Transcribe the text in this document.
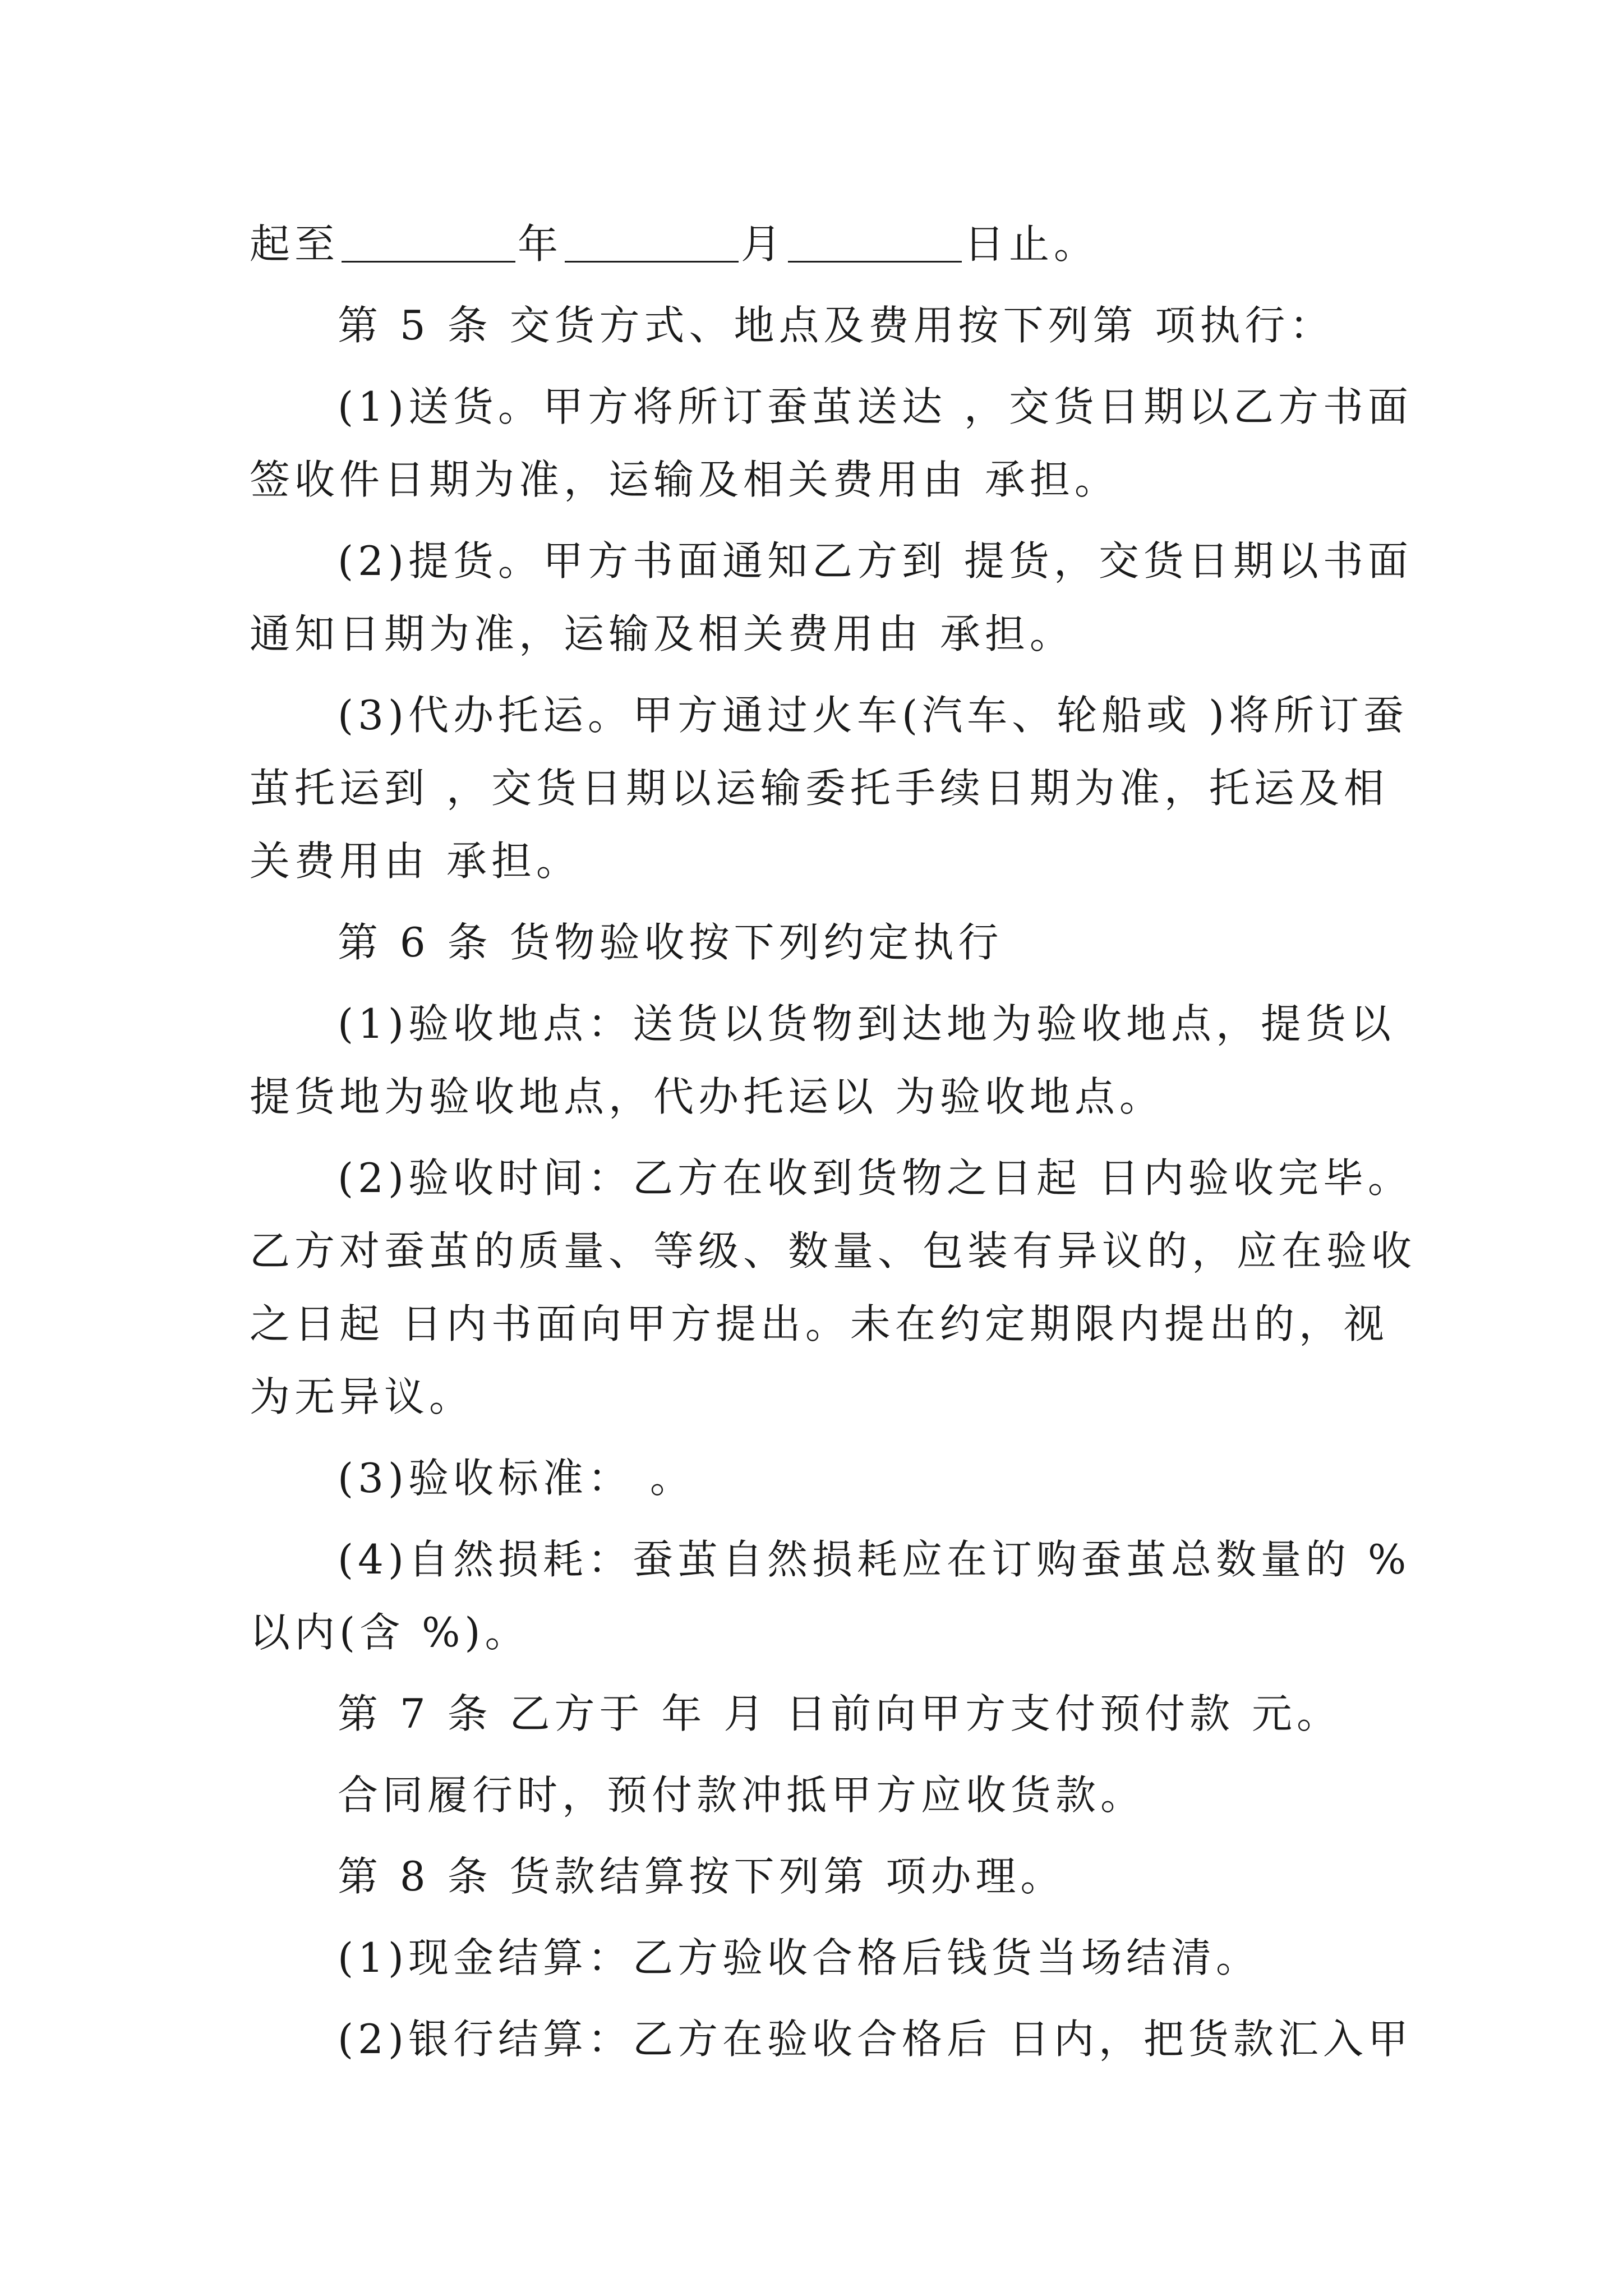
起至	年	月	日止。
第 5 条 交货方式、地点及费用按下列第 项执行：
(1)送货。甲方将所订蚕茧送达 ，交货日期以乙方书面
签收件日期为准，运输及相关费用由 承担。
(2)提货。甲方书面通知乙方到 提货，交货日期以书面
通知日期为准，运输及相关费用由 承担。
(3)代办托运。甲方通过火车(汽车、轮船或 )将所订蚕
茧托运到 ，交货日期以运输委托手续日期为准，托运及相
关费用由 承担。
第 6 条 货物验收按下列约定执行
(1)验收地点：送货以货物到达地为验收地点，提货以
提货地为验收地点，代办托运以 为验收地点。
(2)验收时间：乙方在收到货物之日起 日内验收完毕。
乙方对蚕茧的质量、等级、数量、包装有异议的，应在验收
之日起 日内书面向甲方提出。未在约定期限内提出的，视
为无异议。
(3)验收标准： 。
(4)自然损耗：蚕茧自然损耗应在订购蚕茧总数量的 %
以内(含 %)。
第 7 条 乙方于 年 月 日前向甲方支付预付款 元。
合同履行时，预付款冲抵甲方应收货款。
第 8 条 货款结算按下列第 项办理。
(1)现金结算：乙方验收合格后钱货当场结清。
(2)银行结算：乙方在验收合格后 日内，把货款汇入甲
